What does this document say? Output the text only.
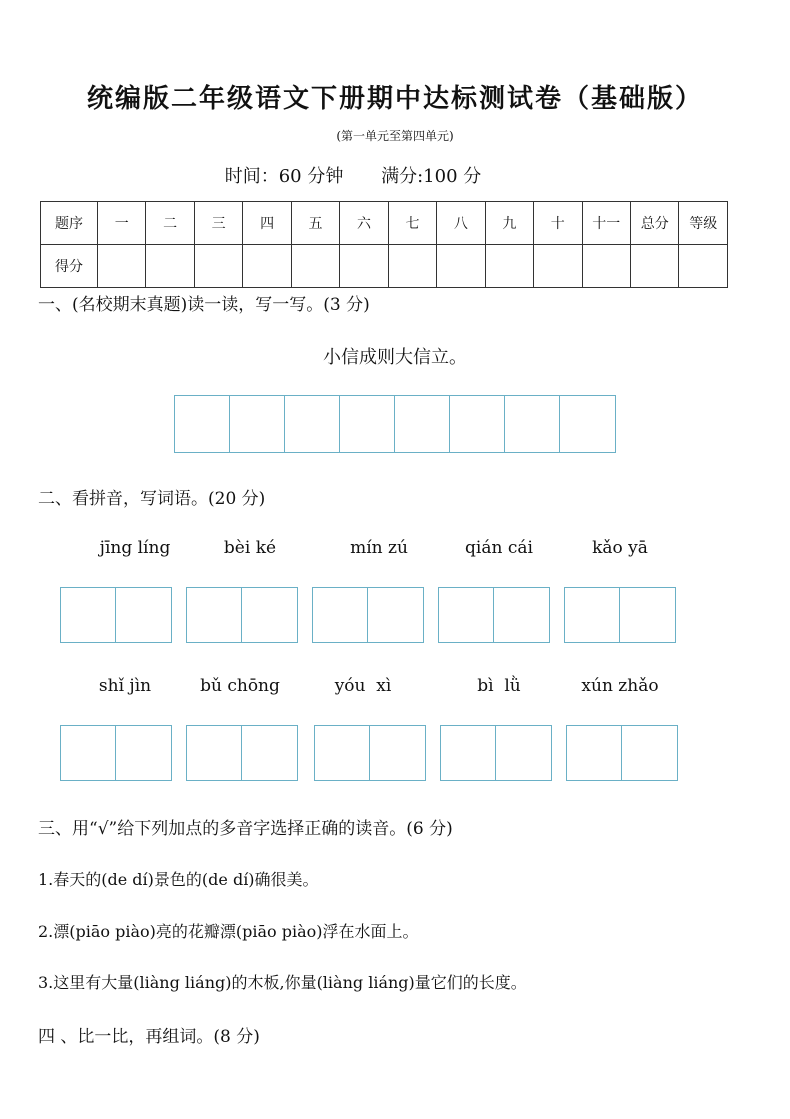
统编版二年级语文下册期中达标测试卷（基础版）
(第一单元至第四单元)
时间：60 分钟 满分:100 分
题序	一	二	三	四	五	六	七	八	九	十	十一	总分	等级
得分													
一、(名校期末真题)读一读，写一写。(3 分)
小信成则大信立。
二、看拼音，写词语。(20 分)
jīng líng	bèi ké	mín zú	qián cái	kǎo yā
shǐ jìn	bǔ chōng	yóu  xì	bì  lǜ	xún zhǎo
三、用“√”给下列加点的多音字选择正确的读音。(6 分)
1.春天的(de dí)景色的(de dí)确很美。
2.漂(piāo piào)亮的花瓣漂(piāo piào)浮在水面上。
3.这里有大量(liàng liáng)的木板,你量(liàng liáng)量它们的长度。
四 、比一比，再组词。(8 分)
